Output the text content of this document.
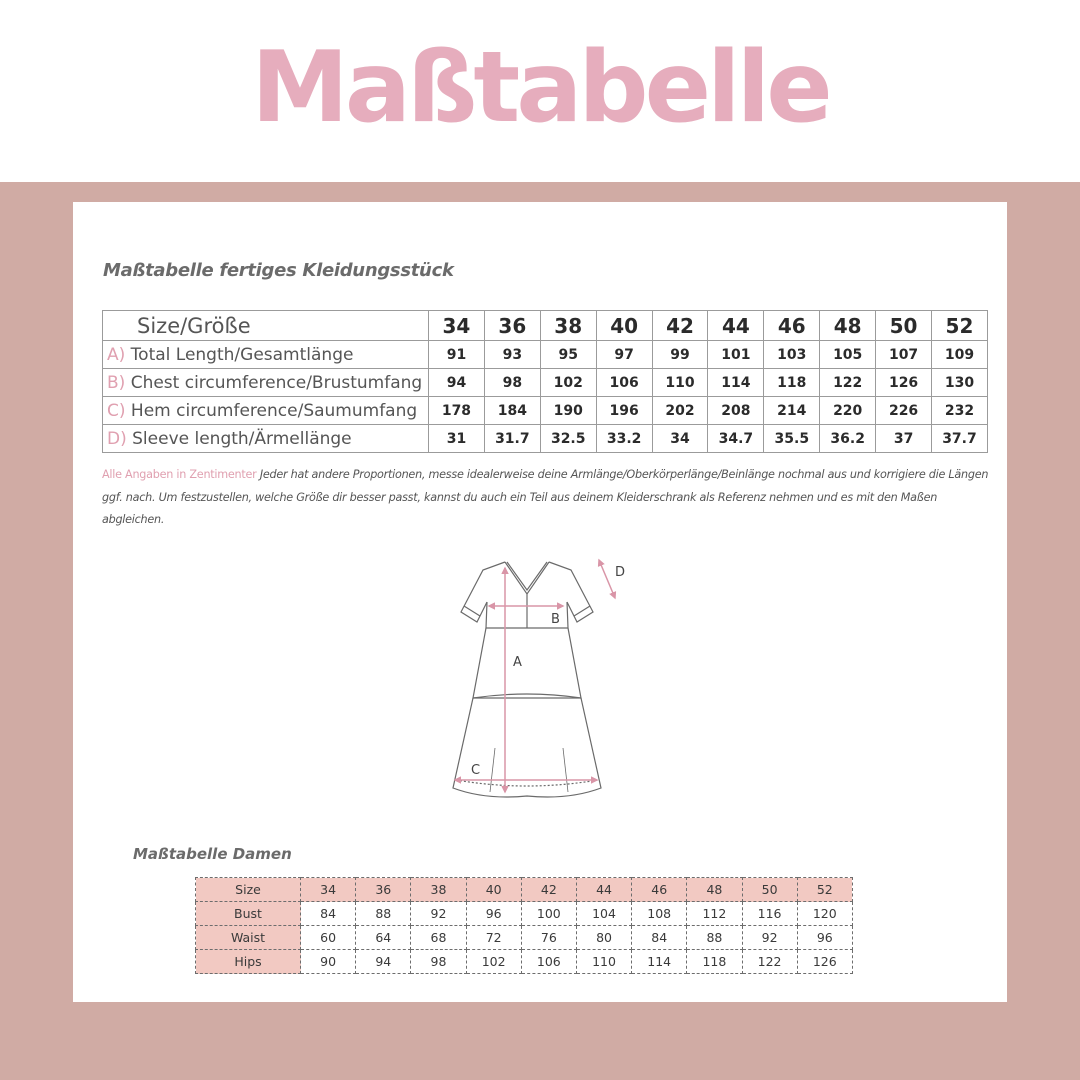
Maßtabelle
Maßtabelle fertiges Kleidungsstück
Size/Größe	34	36	38	40	42	44	46	48	50	52
A) Total Length/Gesamtlänge	91	93	95	97	99	101	103	105	107	109
B) Chest circumference/Brustumfang	94	98	102	106	110	114	118	122	126	130
C) Hem circumference/Saumumfang	178	184	190	196	202	208	214	220	226	232
D) Sleeve length/Ärmellänge	31	31.7	32.5	33.2	34	34.7	35.5	36.2	37	37.7
Alle Angaben in Zentimenter Jeder hat andere Proportionen, messe idealerweise deine Armlänge/Oberkörperlänge/Beinlänge nochmal aus und korrigiere die Längen ggf. nach. Um festzustellen, welche Größe dir besser passt, kannst du auch ein Teil aus deinem Kleiderschrank als Referenz nehmen und es mit den Maßen abgleichen.
A
B
C
D
Maßtabelle Damen
Size	34	36	38	40	42	44	46	48	50	52
Bust	84	88	92	96	100	104	108	112	116	120
Waist	60	64	68	72	76	80	84	88	92	96
Hips	90	94	98	102	106	110	114	118	122	126
